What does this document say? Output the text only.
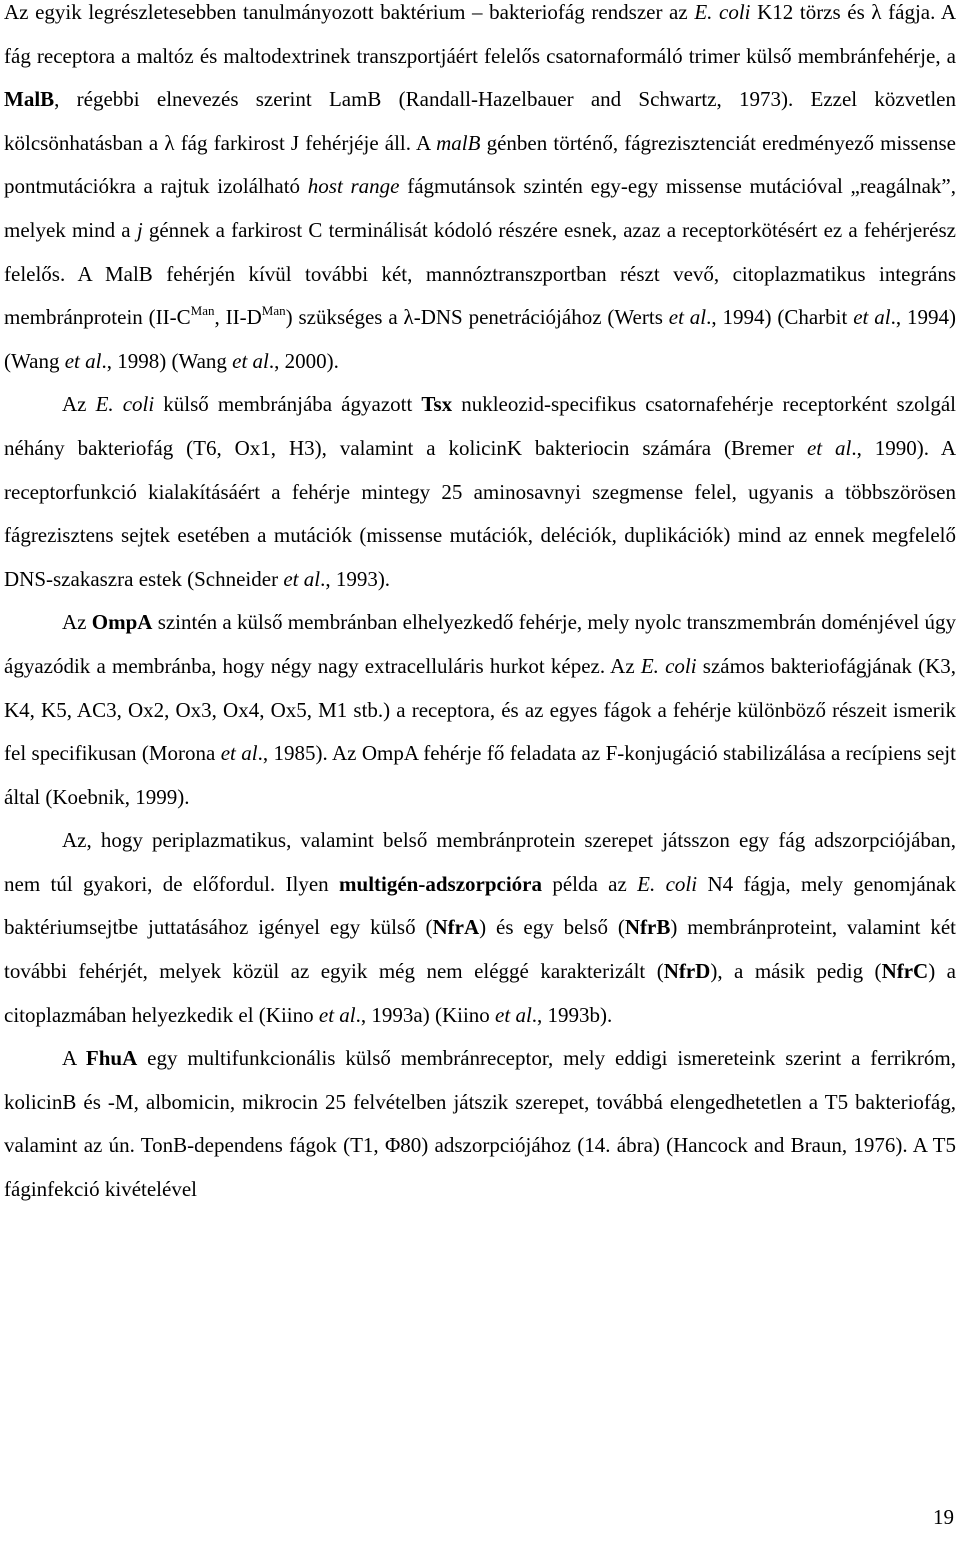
Az egyik legrészletesebben tanulmányozott baktérium – bakteriofág rendszer az E. coli K12 törzs és λ fágja. A fág receptora a maltóz és maltodextrinek transzportjáért felelős csatornaformáló trimer külső membránfehérje, a MalB, régebbi elnevezés szerint LamB (Randall-Hazelbauer and Schwartz, 1973). Ezzel közvetlen kölcsönhatásban a λ fág farkirost J fehérjéje áll. A malB génben történő, fágrezisztenciát eredményező missense pontmutációkra a rajtuk izolálható host range fágmutánsok szintén egy-egy missense mutációval „reagálnak”, melyek mind a j génnek a farkirost C terminálisát kódoló részére esnek, azaz a receptorkötésért ez a fehérjerész felelős. A MalB fehérjén kívül további két, mannóztranszportban részt vevő, citoplazmatikus integráns membránprotein ($II-C^{Man}$, $II-D^{Man}$) szükséges a λ-DNS penetrációjához (Werts et al., 1994) (Charbit et al., 1994) (Wang et al., 1998) (Wang et al., 2000).

Az E. coli külső membránjába ágyazott Tsx nukleozid-specifikus csatornafehérje receptorként szolgál néhány bakteriofág (T6, Ox1, H3), valamint a kolicinK bakteriocin számára (Bremer et al., 1990). A receptorfunkció kialakításáért a fehérje mintegy 25 aminosavnyi szegmense felel, ugyanis a többszörösen fágrezisztens sejtek esetében a mutációk (missense mutációk, deléciók, duplikációk) mind az ennek megfelelő DNS-szakaszra estek (Schneider et al., 1993).

Az OmpA szintén a külső membránban elhelyezkedő fehérje, mely nyolc transzmembrán doménjével úgy ágyazódik a membránba, hogy négy nagy extracelluláris hurkot képez. Az E. coli számos bakteriofágjának (K3, K4, K5, AC3, Ox2, Ox3, Ox4, Ox5, M1 stb.) a receptora, és az egyes fágok a fehérje különböző részeit ismerik fel specifikusan (Morona et al., 1985). Az OmpA fehérje fő feladata az F-konjugáció stabilizálása a recípiens sejt által (Koebnik, 1999).

Az, hogy periplazmatikus, valamint belső membránprotein szerepet játsszon egy fág adszorpciójában, nem túl gyakori, de előfordul. Ilyen multigén-adszorpcióra példa az E. coli N4 fágja, mely genomjának baktériumsejtbe juttatásához igényel egy külső (NfrA) és egy belső (NfrB) membránproteint, valamint két további fehérjét, melyek közül az egyik még nem eléggé karakterizált (NfrD), a másik pedig (NfrC) a citoplazmában helyezkedik el (Kiino et al., 1993a) (Kiino et al., 1993b).

A FhuA egy multifunkcionális külső membránreceptor, mely eddigi ismereteink szerint a ferrikróm, kolicinB és -M, albomicin, mikrocin 25 felvételben játszik szerepet, továbbá elengedhetetlen a T5 bakteriofág, valamint az ún. TonB-dependens fágok (T1, Φ80) adszorpciójához (14. ábra) (Hancock and Braun, 1976). A T5 fáginfekció kivételével

19
